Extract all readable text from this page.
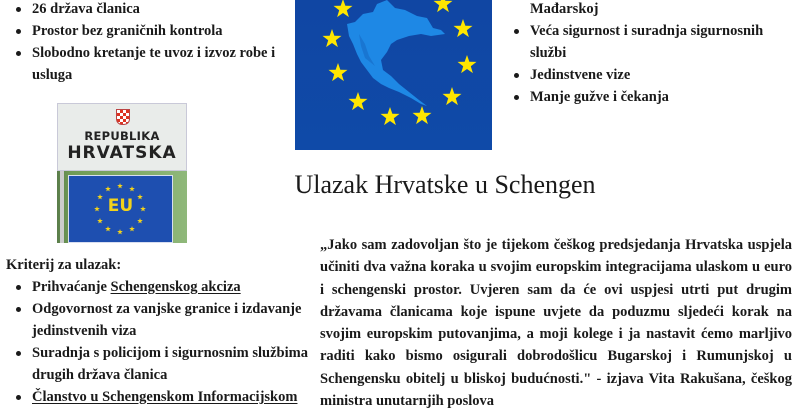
26 država članica
Prostor bez graničnih kontrola
Slobodno kretanje te uvoz i izvoz robe i
usluga
Mađarskoj
Veća sigurnost i suradnja sigurnosnih
službi
Jedinstvene vize
Manje gužve i čekanja
REPUBLIKA
HRVATSKA
EU
Ulazak Hrvatske u Schengen
Kriterij za ulazak:
Prihvaćanje Schengenskog akciza
Odgovornost za vanjske granice i izdavanje
jedinstvenih viza
Suradnja s policijom i sigurnosnim službima
drugih država članica
Članstvo u Schengenskom Informacijskom
„Jako sam zadovoljan što je tijekom češkog predsjedanja Hrvatska uspjela učiniti dva važna koraka u svojim europskim integracijama ulaskom u euro i schengenski prostor. Uvjeren sam da će ovi uspjesi utrti put drugim državama članicama koje ispune uvjete da poduzmu sljedeći korak na svojim europskim putovanjima, a moji kolege i ja nastavit ćemo marljivo raditi kako bismo osigurali dobrodošlicu Bugarskoj i Rumunjskoj u Schengensku obitelj u bliskoj budućnosti." - izjava Vita Rakušana, češkog ministra unutarnjih poslova
